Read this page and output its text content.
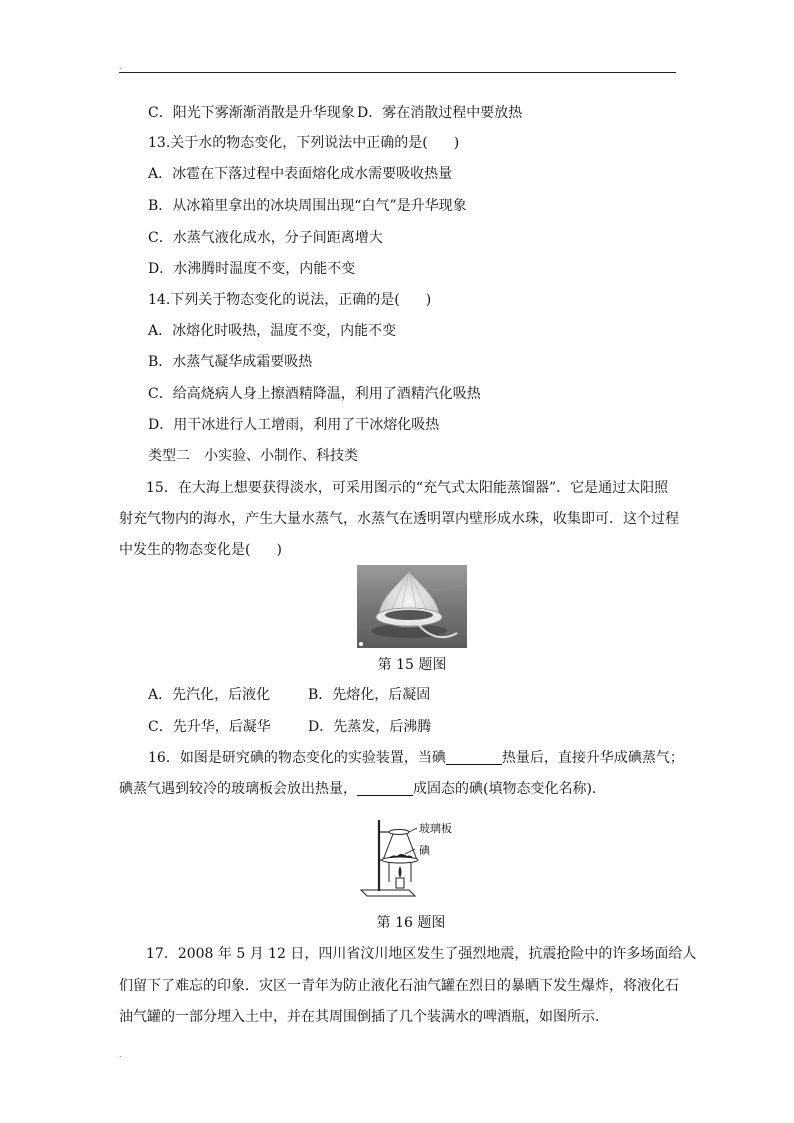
.
C．阳光下雾渐渐消散是升华现象 D．雾在消散过程中要放热
13.关于水的物态变化，下列说法中正确的是( )
A．冰雹在下落过程中表面熔化成水需要吸收热量
B．从冰箱里拿出的冰块周围出现“白气”是升华现象
C．水蒸气液化成水，分子间距离增大
D．水沸腾时温度不变，内能不变
14.下列关于物态变化的说法，正确的是( )
A．冰熔化时吸热，温度不变，内能不变
B．水蒸气凝华成霜要吸热
C．给高烧病人身上擦酒精降温，利用了酒精汽化吸热
D．用干冰进行人工增雨，利用了干冰熔化吸热
类型二　小实验、小制作、科技类
15．在大海上想要获得淡水，可采用图示的“充气式太阳能蒸馏器”．它是通过太阳照
射充气物内的海水，产生大量水蒸气，水蒸气在透明罩内壁形成水珠，收集即可．这个过程
中发生的物态变化是( )
第 15 题图
A．先汽化，后液化	B．先熔化，后凝固
C．先升华，后凝华	D．先蒸发，后沸腾
16．如图是研究碘的物态变化的实验装置，当碘	热量后，直接升华成碘蒸气；
碘蒸气遇到较冷的玻璃板会放出热量，	成固态的碘(填物态变化名称)．
玻璃板
碘
第 16 题图
17．2008 年 5 月 12 日，四川省汶川地区发生了强烈地震，抗震抢险中的许多场面给人
们留下了难忘的印象．灾区一青年为防止液化石油气罐在烈日的暴晒下发生爆炸，将液化石
油气罐的一部分埋入土中，并在其周围倒插了几个装满水的啤酒瓶，如图所示．
.
